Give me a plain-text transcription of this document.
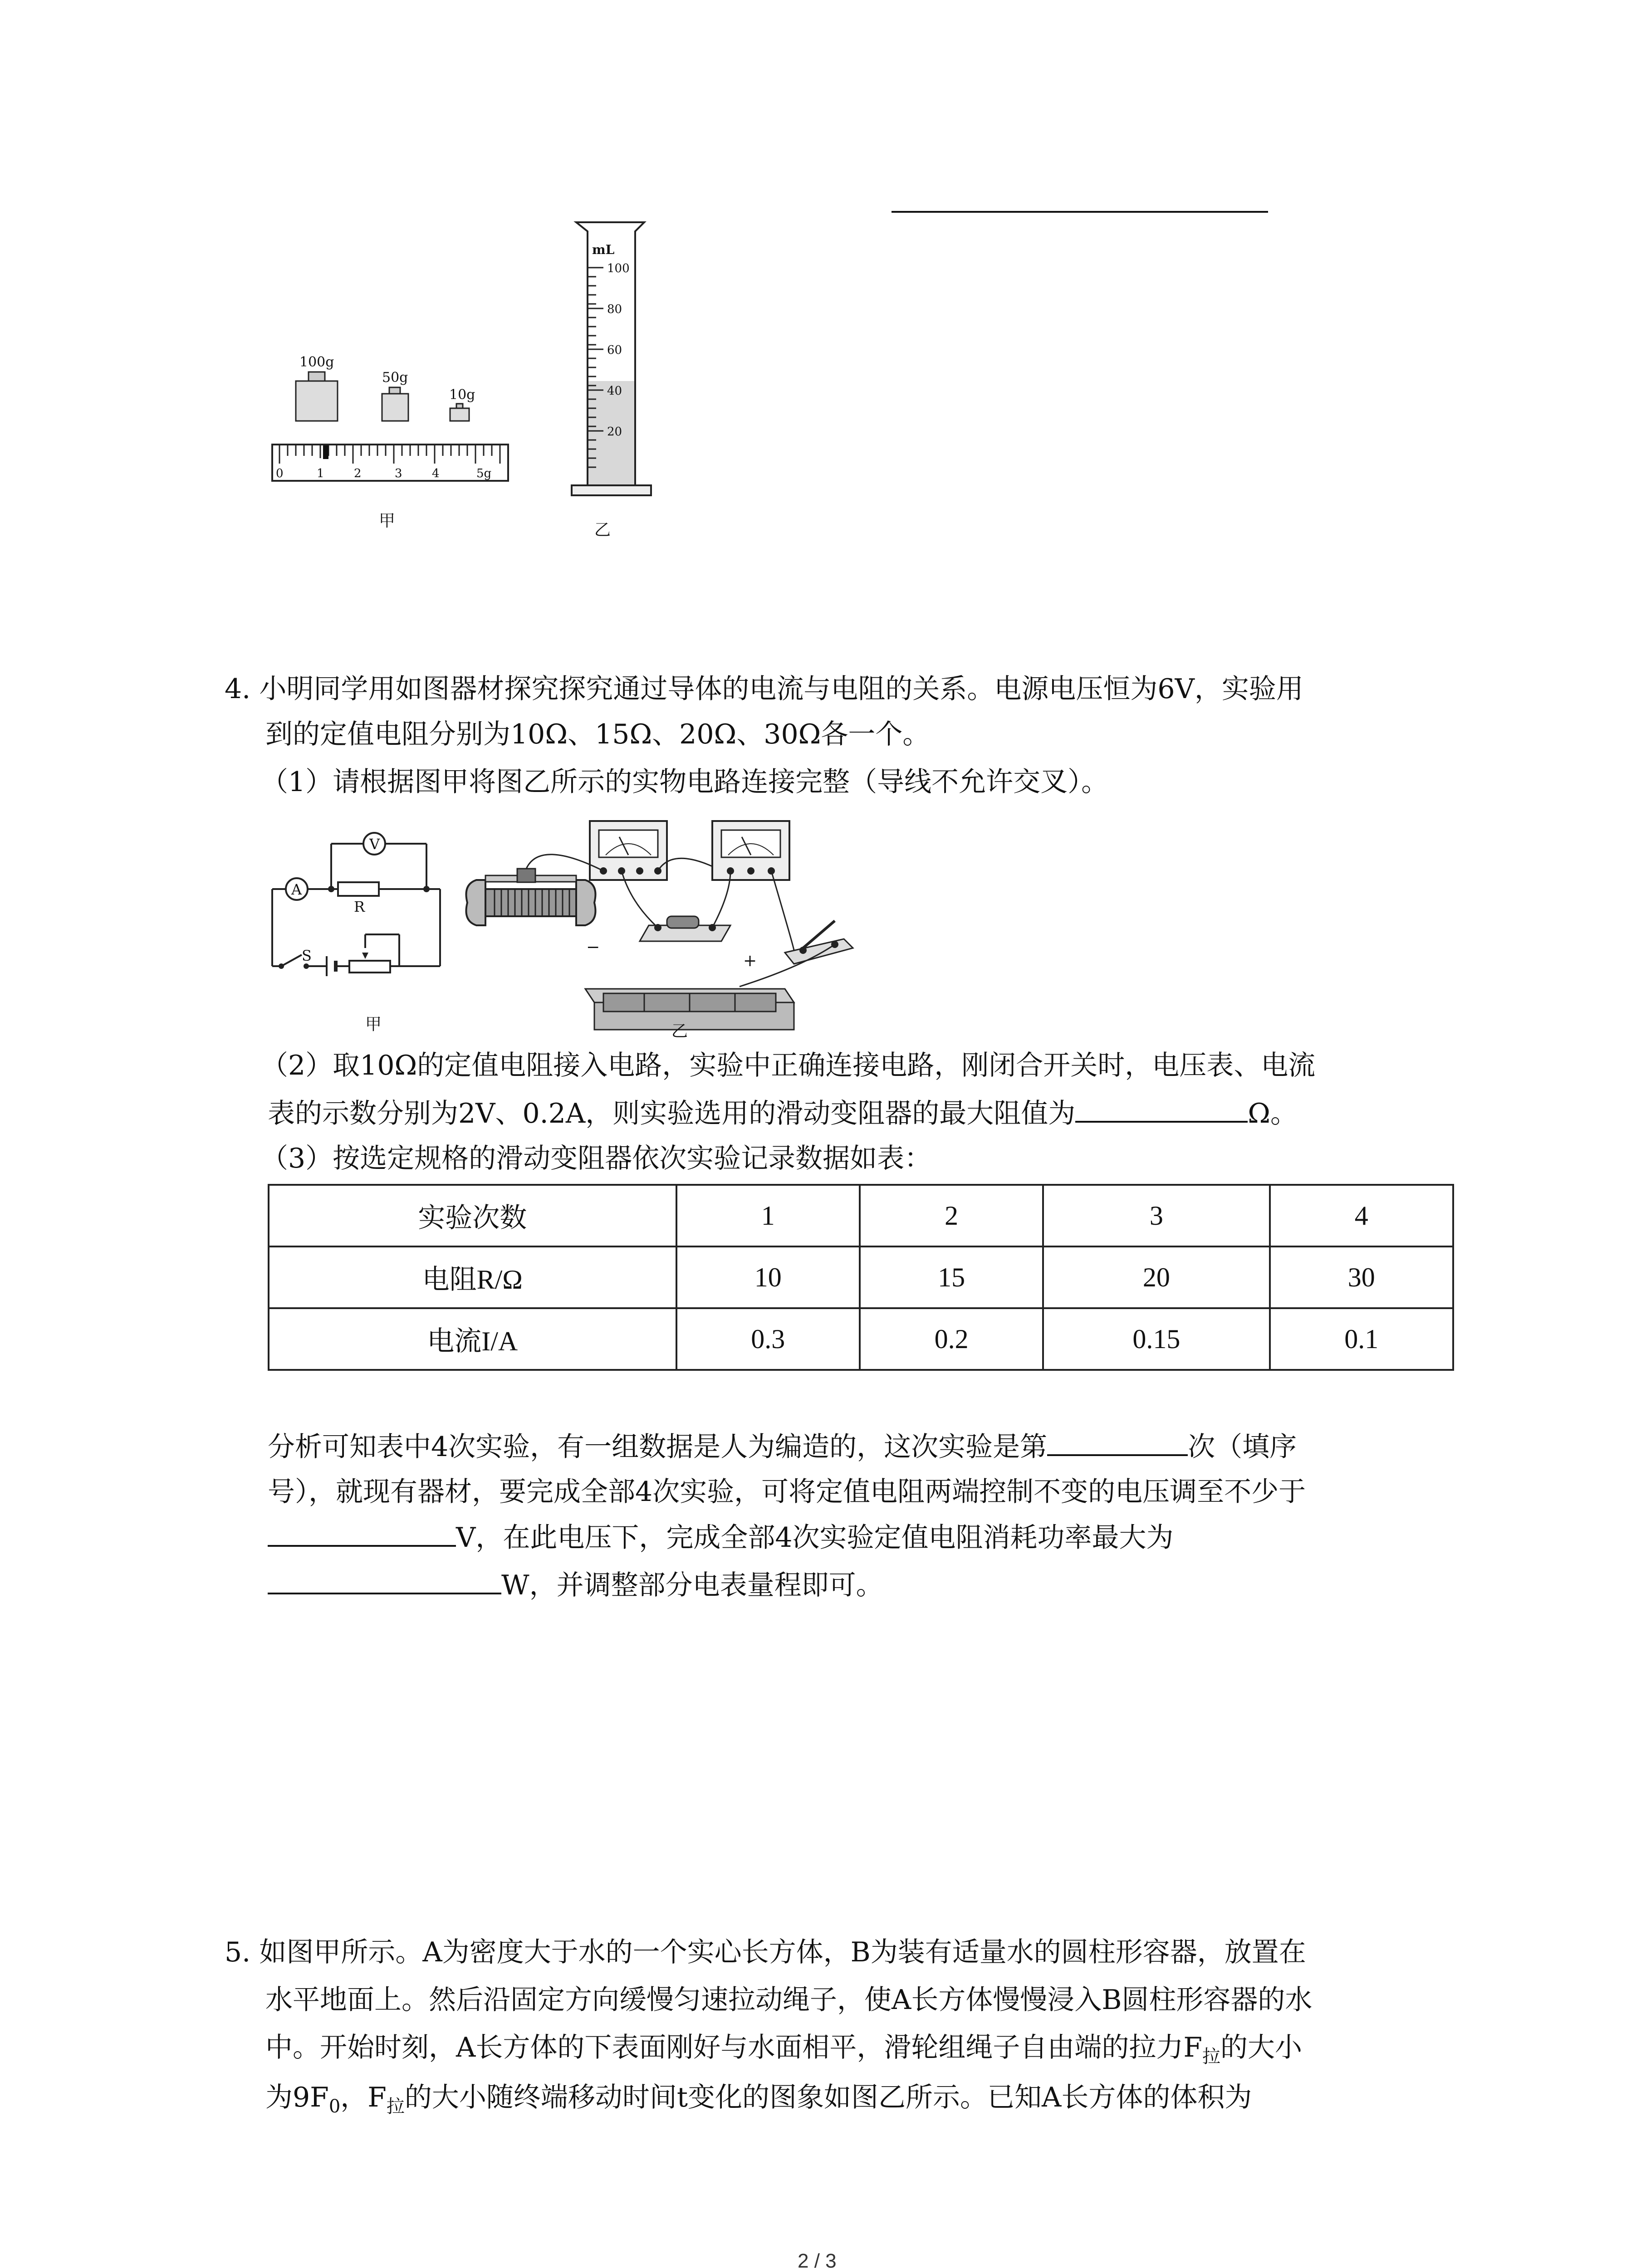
100g
50g
10g
0	1	2	3	4	5g
甲
mL
100
80
60
40
20
乙
4. 小明同学用如图器材探究探究通过导体的电流与电阻的关系。电源电压恒为6V，实验用
到的定值电阻分别为10Ω、15Ω、20Ω、30Ω各一个。
（1）请根据图甲将图乙所示的实物电路连接完整（导线不允许交叉）。
A
V
R
S
甲
−
+
乙
（2）取10Ω的定值电阻接入电路，实验中正确连接电路，刚闭合开关时，电压表、电流
表的示数分别为2V、0.2A，则实验选用的滑动变阻器的最大阻值为	Ω。
（3）按选定规格的滑动变阻器依次实验记录数据如表：
实验次数	1	2	3	4
电阻R/Ω	10	15	20	30
电流I/A	0.3	0.2	0.15	0.1
分析可知表中4次实验，有一组数据是人为编造的，这次实验是第	次（填序
号），就现有器材，要完成全部4次实验，可将定值电阻两端控制不变的电压调至不少于
V，在此电压下，完成全部4次实验定值电阻消耗功率最大为
W，并调整部分电表量程即可。
5. 如图甲所示。A为密度大于水的一个实心长方体，B为装有适量水的圆柱形容器，放置在
水平地面上。然后沿固定方向缓慢匀速拉动绳子，使A长方体慢慢浸入B圆柱形容器的水
中。开始时刻，A长方体的下表面刚好与水面相平，滑轮组绳子自由端的拉力$F_拉$的大小
为$9F_0$，$F_拉$的大小随终端移动时间t变化的图象如图乙所示。已知A长方体的体积为
2 / 3
